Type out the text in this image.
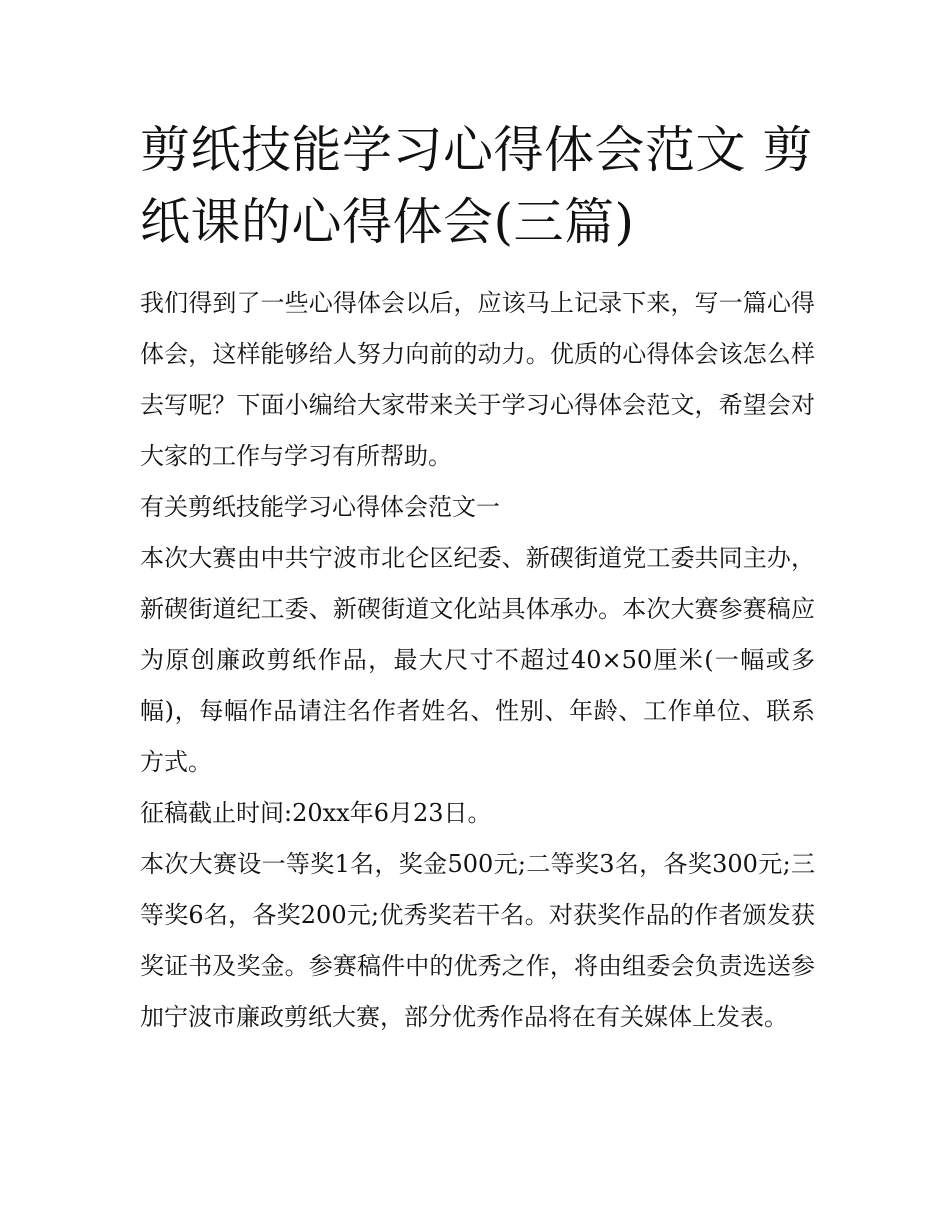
剪纸技能学习心得体会范文 剪纸课的心得体会(三篇)

我们得到了一些心得体会以后，应该马上记录下来，写一篇心得体会，这样能够给人努力向前的动力。优质的心得体会该怎么样去写呢？下面小编给大家带来关于学习心得体会范文，希望会对大家的工作与学习有所帮助。

有关剪纸技能学习心得体会范文一

本次大赛由中共宁波市北仑区纪委、新碶街道党工委共同主办，新碶街道纪工委、新碶街道文化站具体承办。本次大赛参赛稿应为原创廉政剪纸作品，最大尺寸不超过40×50厘米(一幅或多幅)，每幅作品请注名作者姓名、性别、年龄、工作单位、联系方式。

征稿截止时间:20xx年6月23日。

本次大赛设一等奖1名，奖金500元;二等奖3名，各奖300元;三等奖6名，各奖200元;优秀奖若干名。对获奖作品的作者颁发获奖证书及奖金。参赛稿件中的优秀之作，将由组委会负责选送参加宁波市廉政剪纸大赛，部分优秀作品将在有关媒体上发表。
